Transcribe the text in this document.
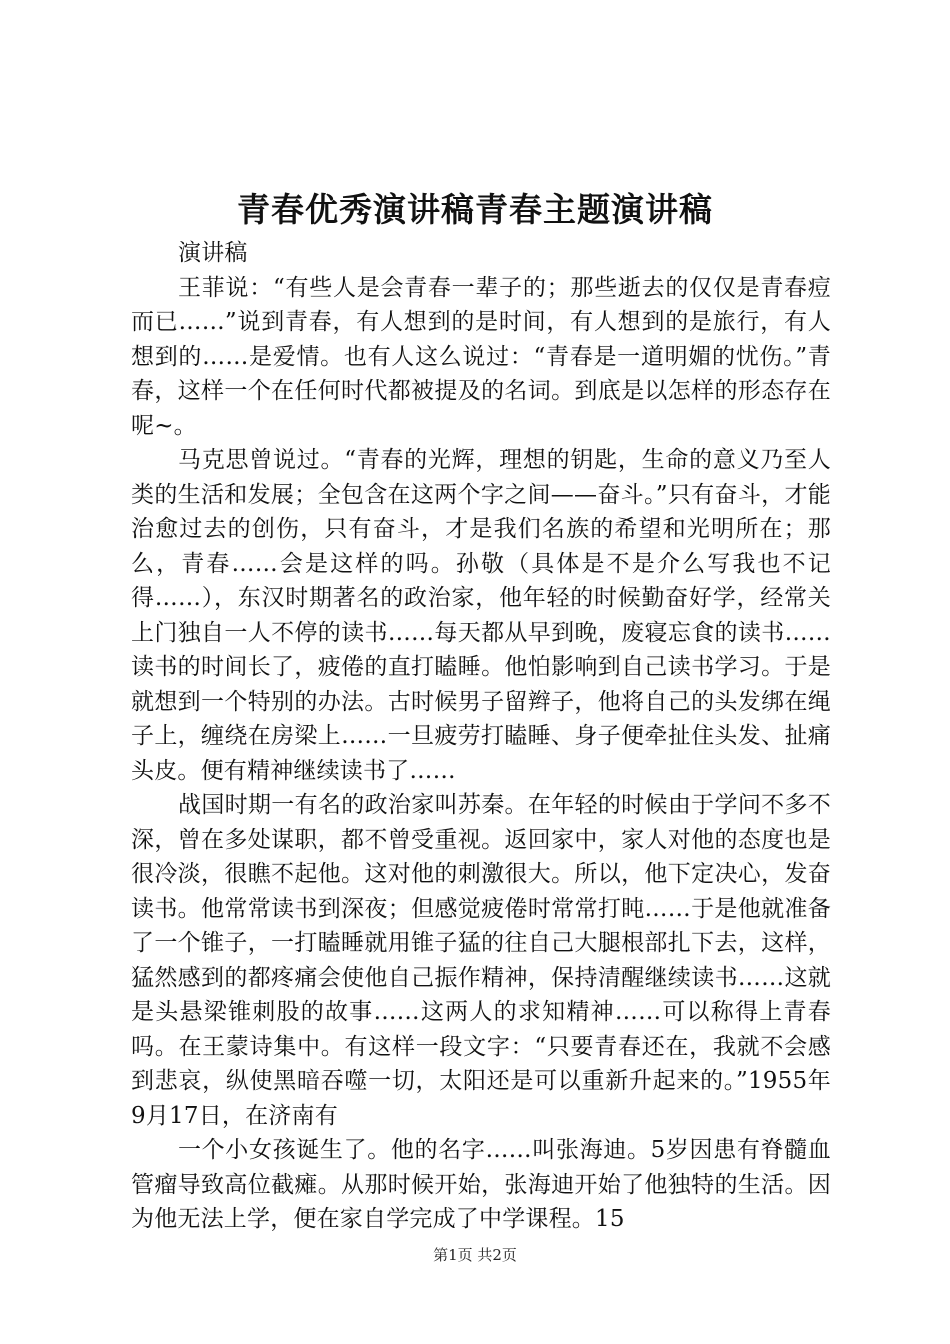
青春优秀演讲稿青春主题演讲稿

演讲稿

王菲说：“有些人是会青春一辈子的；那些逝去的仅仅是青春痘而已……”说到青春，有人想到的是时间，有人想到的是旅行，有人想到的……是爱情。也有人这么说过：“青春是一道明媚的忧伤。”青春，这样一个在任何时代都被提及的名词。到底是以怎样的形态存在呢~。

马克思曾说过。“青春的光辉，理想的钥匙，生命的意义乃至人类的生活和发展；全包含在这两个字之间——奋斗。”只有奋斗，才能治愈过去的创伤，只有奋斗，才是我们名族的希望和光明所在；那么，青春……会是这样的吗。孙敬（具体是不是介么写我也不记得……），东汉时期著名的政治家，他年轻的时候勤奋好学，经常关上门独自一人不停的读书……每天都从早到晚，废寝忘食的读书……读书的时间长了，疲倦的直打瞌睡。他怕影响到自己读书学习。于是就想到一个特别的办法。古时候男子留辫子，他将自己的头发绑在绳子上，缠绕在房梁上……一旦疲劳打瞌睡、身子便牵扯住头发、扯痛头皮。便有精神继续读书了……

战国时期一有名的政治家叫苏秦。在年轻的时候由于学问不多不深，曾在多处谋职，都不曾受重视。返回家中，家人对他的态度也是很冷淡，很瞧不起他。这对他的刺激很大。所以，他下定决心，发奋读书。他常常读书到深夜；但感觉疲倦时常常打盹……于是他就准备了一个锥子，一打瞌睡就用锥子猛的往自己大腿根部扎下去，这样，猛然感到的都疼痛会使他自己振作精神，保持清醒继续读书……这就是头悬梁锥刺股的故事……这两人的求知精神……可以称得上青春吗。在王蒙诗集中。有这样一段文字：“只要青春还在，我就不会感到悲哀，纵使黑暗吞噬一切，太阳还是可以重新升起来的。”1955年9月17日，在济南有

一个小女孩诞生了。他的名字……叫张海迪。5岁因患有脊髓血管瘤导致高位截瘫。从那时候开始，张海迪开始了他独特的生活。因为他无法上学，便在家自学完成了中学课程。15

第1页 共2页
